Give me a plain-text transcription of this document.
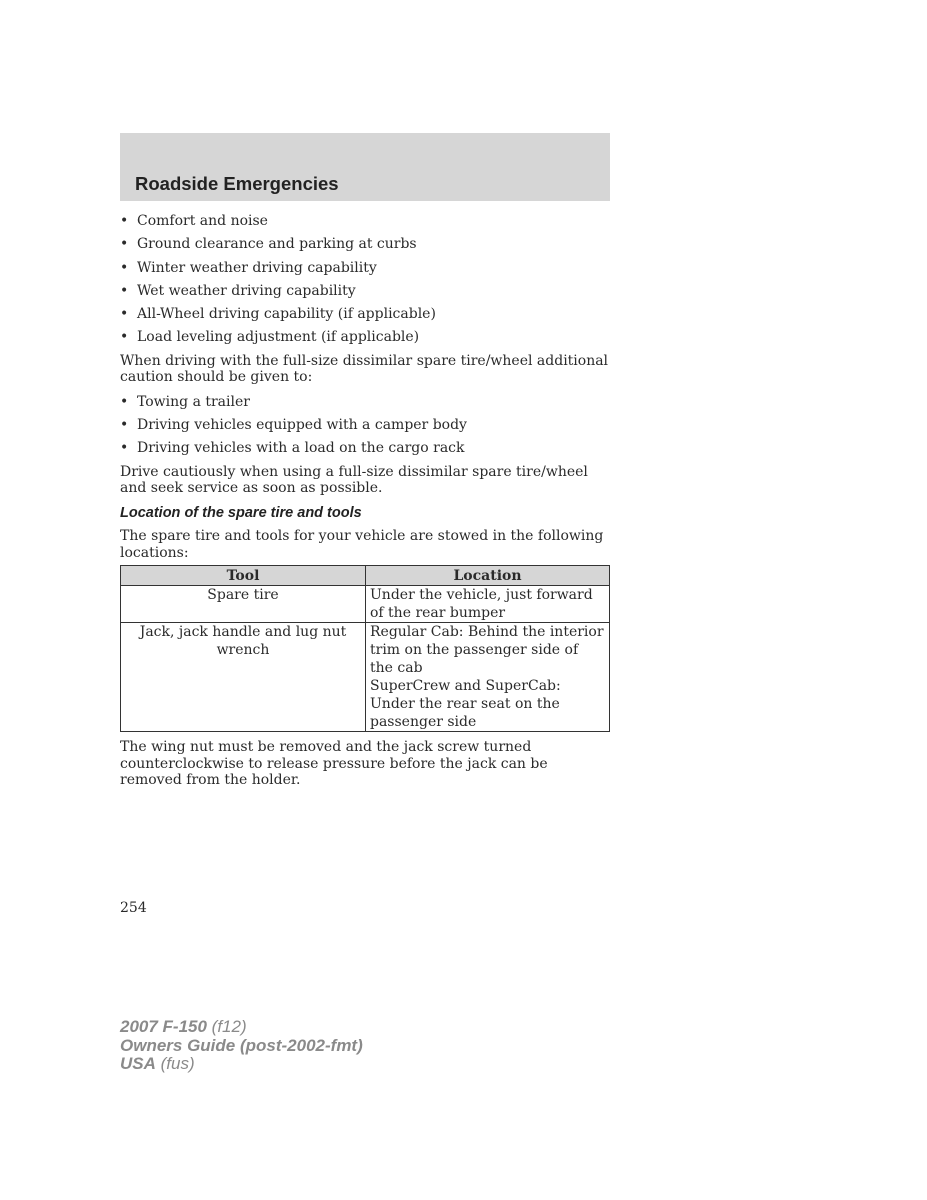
Roadside Emergencies
• Comfort and noise
• Ground clearance and parking at curbs
• Winter weather driving capability
• Wet weather driving capability
• All-Wheel driving capability (if applicable)
• Load leveling adjustment (if applicable)

When driving with the full-size dissimilar spare tire/wheel additional caution should be given to:

• Towing a trailer
• Driving vehicles equipped with a camper body
• Driving vehicles with a load on the cargo rack

Drive cautiously when using a full-size dissimilar spare tire/wheel and seek service as soon as possible.

Location of the spare tire and tools

The spare tire and tools for your vehicle are stowed in the following locations:

Tool	Location
Spare tire	Under the vehicle, just forward of the rear bumper

Jack, jack handle and lug nut wrench	Regular Cab: Behind the interior trim on the passenger side of the cab
SuperCrew and SuperCab: Under the rear seat on the passenger side

The wing nut must be removed and the jack screw turned counterclockwise to release pressure before the jack can be removed from the holder.

254
2007 F-150 (f12)
Owners Guide (post-2002-fmt)
USA (fus)
